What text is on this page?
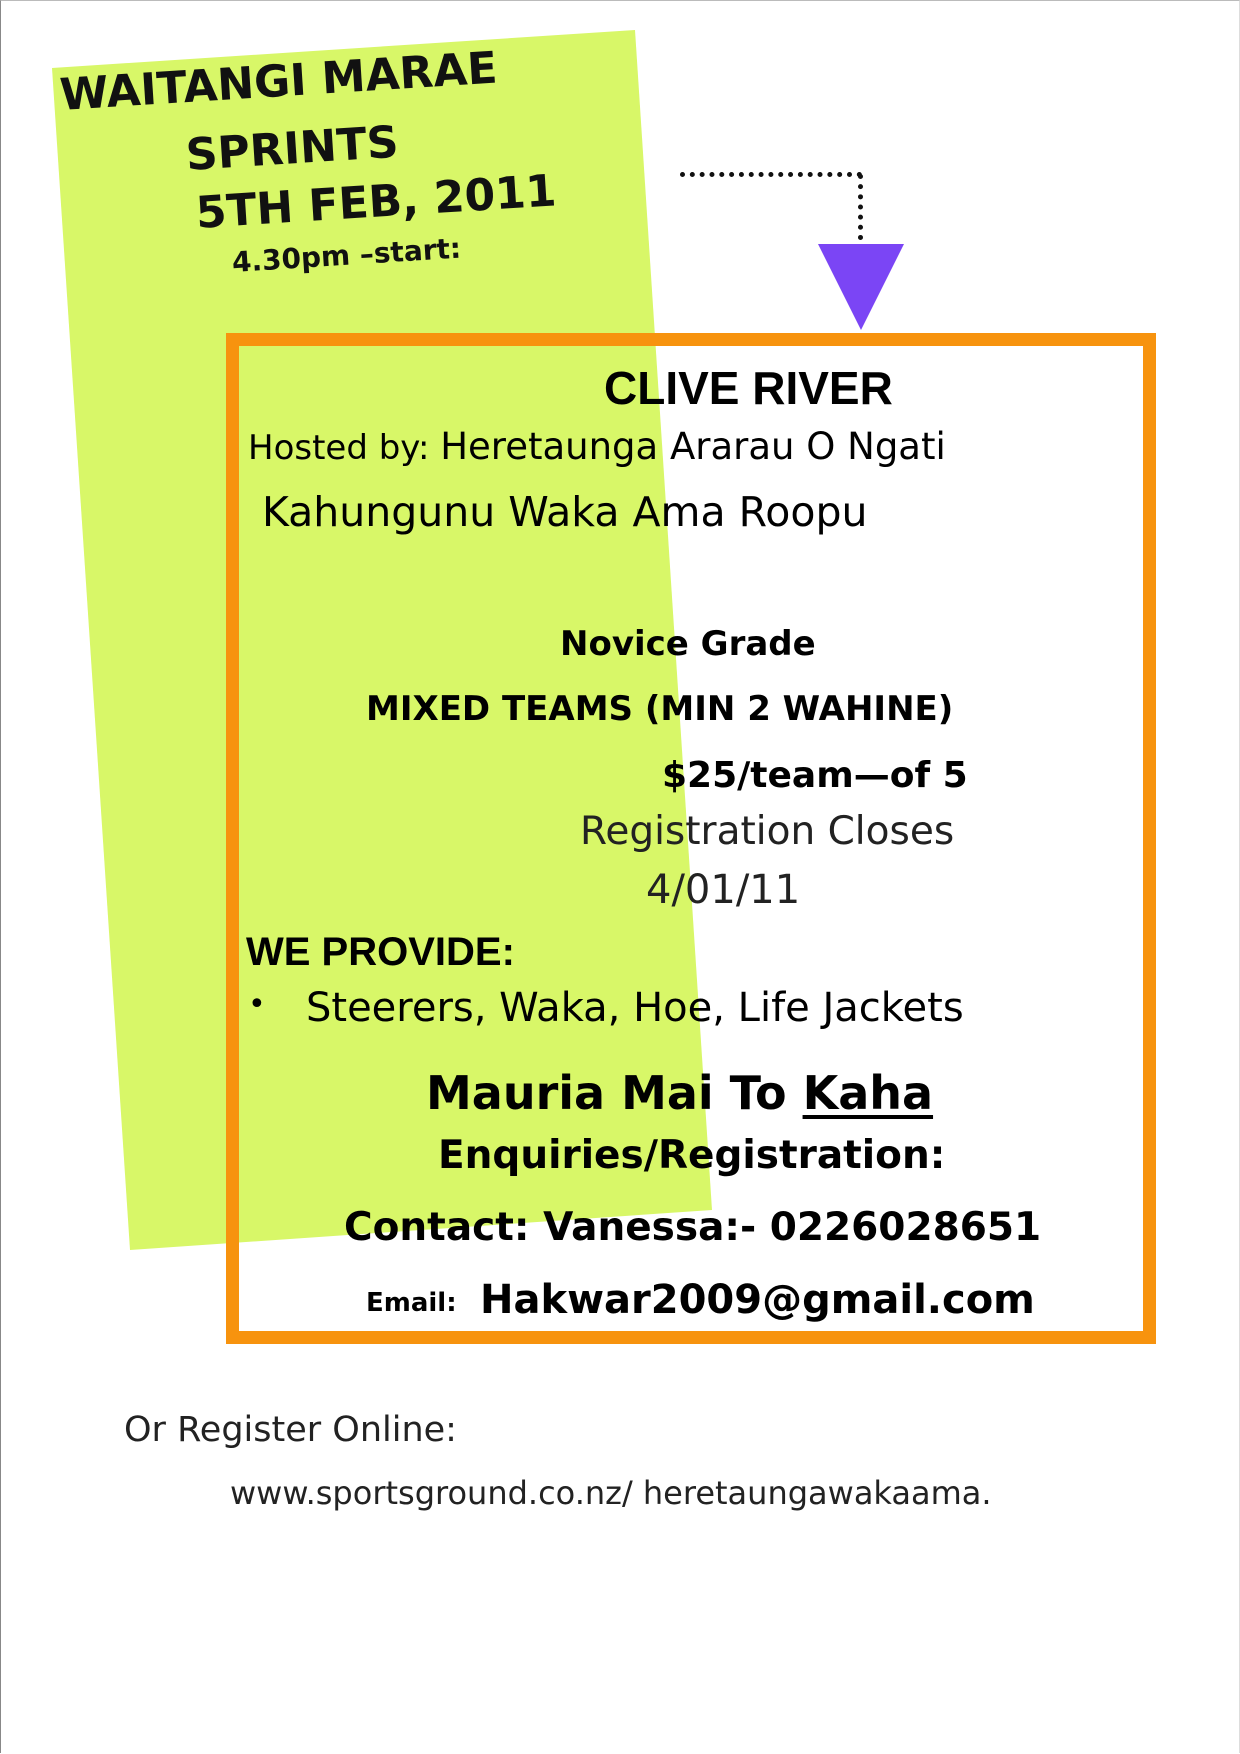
WAITANGI MARAE
SPRINTS
5TH FEB, 2011
4.30pm –start:
CLIVE RIVER
Hosted by: Heretaunga Ararau O Ngati
Kahungunu Waka Ama Roopu
Novice Grade
MIXED TEAMS (MIN 2 WAHINE)
$25/team—of 5
Registration Closes
4/01/11
WE PROVIDE:
• Steerers, Waka, Hoe, Life Jackets
Mauria Mai To Kaha
Enquiries/Registration:
Contact: Vanessa:- 0226028651
Email: Hakwar2009@gmail.com
Or Register Online:
www.sportsground.co.nz/ heretaungawakaama.
